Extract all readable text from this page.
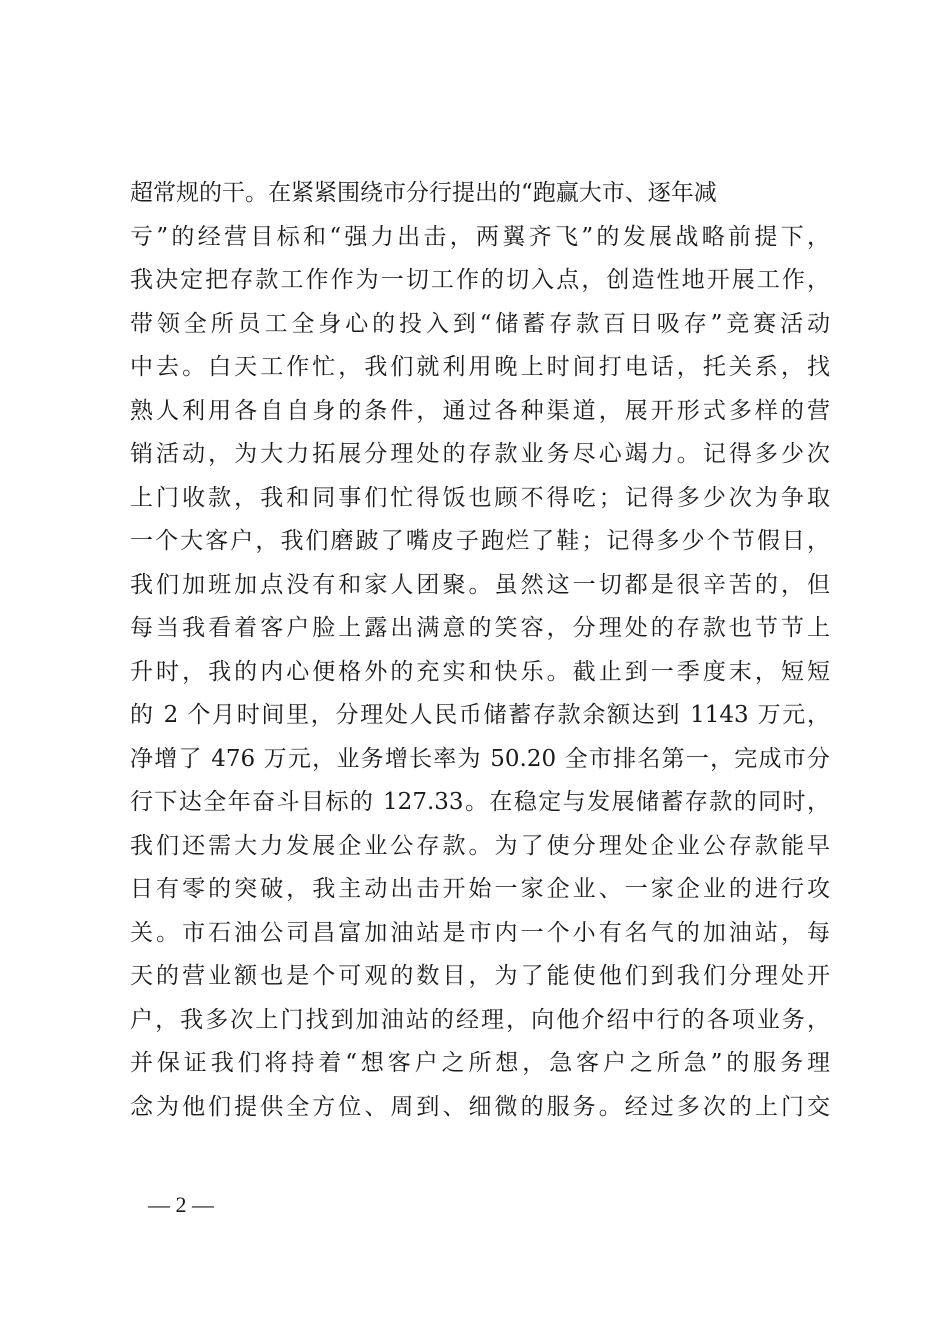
超常规的干。在紧紧围绕市分行提出的“跑赢大市、逐年减
亏”的经营目标和“强力出击，两翼齐飞”的发展战略前提下，
我决定把存款工作作为一切工作的切入点，创造性地开展工作，
带领全所员工全身心的投入到“储蓄存款百日吸存”竞赛活动
中去。白天工作忙，我们就利用晚上时间打电话，托关系，找
熟人利用各自自身的条件，通过各种渠道，展开形式多样的营
销活动，为大力拓展分理处的存款业务尽心竭力。记得多少次
上门收款，我和同事们忙得饭也顾不得吃；记得多少次为争取
一个大客户，我们磨跛了嘴皮子跑烂了鞋；记得多少个节假日，
我们加班加点没有和家人团聚。虽然这一切都是很辛苦的，但
每当我看着客户脸上露出满意的笑容，分理处的存款也节节上
升时，我的内心便格外的充实和快乐。截止到一季度末，短短
的 2 个月时间里，分理处人民币储蓄存款余额达到 1143 万元，
净增了 476 万元，业务增长率为 50.20 全市排名第一，完成市分
行下达全年奋斗目标的 127.33。在稳定与发展储蓄存款的同时，
我们还需大力发展企业公存款。为了使分理处企业公存款能早
日有零的突破，我主动出击开始一家企业、一家企业的进行攻
关。市石油公司昌富加油站是市内一个小有名气的加油站，每
天的营业额也是个可观的数目，为了能使他们到我们分理处开
户，我多次上门找到加油站的经理，向他介绍中行的各项业务，
并保证我们将持着“想客户之所想，急客户之所急”的服务理
念为他们提供全方位、周到、细微的服务。经过多次的上门交
— 2 —
